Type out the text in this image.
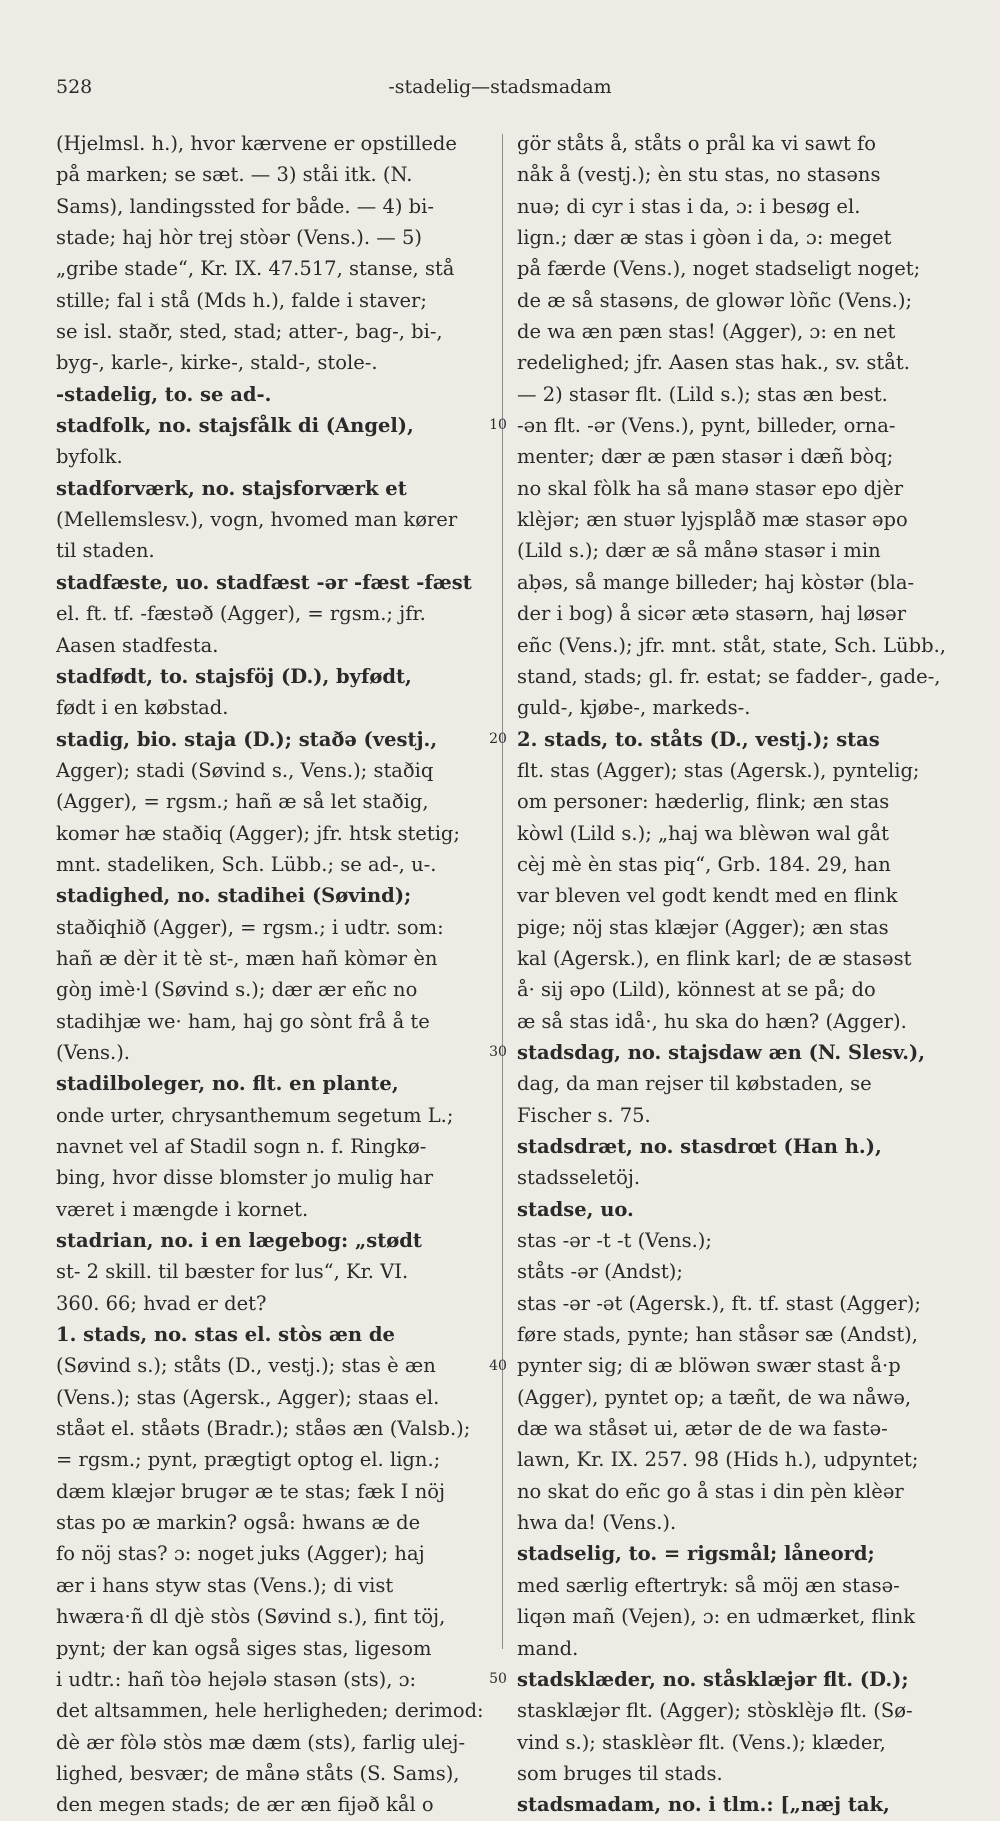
528	-stadelig—stadsmadam
(Hjelmsl. h.), hvor kærvene er opstillede
på marken; se sæt. — 3) ståi itk. (N.
Sams), landingssted for både. — 4) bi-
stade; haj hòr trej stòər (Vens.). — 5)
„gribe stade“, Kr. IX. 47.517, stanse, stå
stille; fal i stå (Mds h.), falde i staver;
se isl. staðr, sted, stad; atter-, bag-, bi-,
byg-, karle-, kirke-, stald-, stole-.
-stadelig, to. se ad-.
stadfolk, no. stajsfålk di (Angel),
byfolk.
stadforværk, no. stajsforværk et
(Mellemslesv.), vogn, hvomed man kører
til staden.
stadfæste, uo. stadfæst -ər -fæst -fæst
el. ft. tf. -fæstəð (Agger), = rgsm.; jfr.
Aasen stadfesta.
stadfødt, to. stajsföj (D.), byfødt,
født i en købstad.
stadig, bio. staja (D.); staðə (vestj.,
Agger); stadi (Søvind s., Vens.); staðiq
(Agger), = rgsm.; hañ æ så let staðig,
komər hæ staðiq (Agger); jfr. htsk stetig;
mnt. stadeliken, Sch. Lübb.; se ad-, u-.
stadighed, no. stadihei (Søvind);
staðiqhið (Agger), = rgsm.; i udtr. som:
hañ æ dèr it tè st-, mæn hañ kòmər èn
gòŋ imè·l (Søvind s.); dær ær eñc no
stadihjæ we· ham, haj go sònt frå å te
(Vens.).
stadilboleger, no. flt. en plante,
onde urter, chrysanthemum segetum L.;
navnet vel af Stadil sogn n. f. Ringkø-
bing, hvor disse blomster jo mulig har
været i mængde i kornet.
stadrian, no. i en lægebog: „stødt
st- 2 skill. til bæster for lus“, Kr. VI.
360. 66; hvad er det?
1. stads, no. stas el. stòs æn de
(Søvind s.); ståts (D., vestj.); stas è æn
(Vens.); stas (Agersk., Agger); staas el.
ståət el. ståəts (Bradr.); ståəs æn (Valsb.);
= rgsm.; pynt, prægtigt optog el. lign.;
dæm klæjər brugər æ te stas; fæk I nöj
stas po æ markin? også: hwans æ de
fo nöj stas? ɔ: noget juks (Agger); haj
ær i hans styw stas (Vens.); di vist
hwæra·ñ dl djè stòs (Søvind s.), fint töj,
pynt; der kan også siges stas, ligesom
i udtr.: hañ tòə hejələ stasən (sts), ɔ:
det altsammen, hele herligheden; derimod:
dè ær fòlə stòs mæ dæm (sts), farlig ulej-
lighed, besvær; de månə ståts (S. Sams),
den megen stads; de ær æn fijəð kål o
10
20
30
40
50
gör ståts å, ståts o prål ka vi sawt fo
nåk å (vestj.); èn stu stas, no stasəns
nuə; di cyr i stas i da, ɔ: i besøg el.
lign.; dær æ stas i gòən i da, ɔ: meget
på færde (Vens.), noget stadseligt noget;
de æ så stasəns, de glowər lòñc (Vens.);
de wa æn pæn stas! (Agger), ɔ: en net
redelighed; jfr. Aasen stas hak., sv. ståt.
— 2) stasər flt. (Lild s.); stas æn best.
-ən flt. -ər (Vens.), pynt, billeder, orna-
menter; dær æ pæn stasər i dæñ bòq;
no skal fòlk ha så manə stasər epo djèr
klèjər; æn stuər lyjsplåð mæ stasər əpo
(Lild s.); dær æ så månə stasər i min
aḅəs, så mange billeder; haj kòstər (bla-
der i bog) å sicər ætə stasərn, haj løsər
eñc (Vens.); jfr. mnt. ståt, state, Sch. Lübb.,
stand, stads; gl. fr. estat; se fadder-, gade-,
guld-, kjøbe-, markeds-.
2. stads, to. ståts (D., vestj.); stas
flt. stas (Agger); stas (Agersk.), pyntelig;
om personer: hæderlig, flink; æn stas
kòwl (Lild s.); „haj wa blèwən wal gåt
cèj mè èn stas piq“, Grb. 184. 29, han
var bleven vel godt kendt med en flink
pige; nöj stas klæjər (Agger); æn stas
kal (Agersk.), en flink karl; de æ stasəst
å· sij əpo (Lild), könnest at se på; do
æ så stas idå·, hu ska do hæn? (Agger).
stadsdag, no. stajsdaw æn (N. Slesv.),
dag, da man rejser til købstaden, se
Fischer s. 75.
stadsdræt, no. stasdrœt (Han h.),
stadsseletöj.
stadse, uo.
stas -ər -t -t (Vens.);
ståts -ər (Andst);
stas -ər -ət (Agersk.), ft. tf. stast (Agger);
føre stads, pynte; han ståsər sæ (Andst),
pynter sig; di æ blöwən swær stast å·p
(Agger), pyntet op; a tæñt, de wa nåwə,
dæ wa ståsət ui, ætər de de wa fastə-
lawn, Kr. IX. 257. 98 (Hids h.), udpyntet;
no skat do eñc go å stas i din pèn klèər
hwa da! (Vens.).
stadselig, to. = rigsmål; låneord;
med særlig eftertryk: så möj æn stasə-
liqən mañ (Vejen), ɔ: en udmærket, flink
mand.
stadsklæder, no. ståsklæjər flt. (D.);
stasklæjər flt. (Agger); stòsklèjə flt. (Sø-
vind s.); stasklèər flt. (Vens.); klæder,
som bruges til stads.
stadsmadam, no. i tlm.: [„næj tak,
